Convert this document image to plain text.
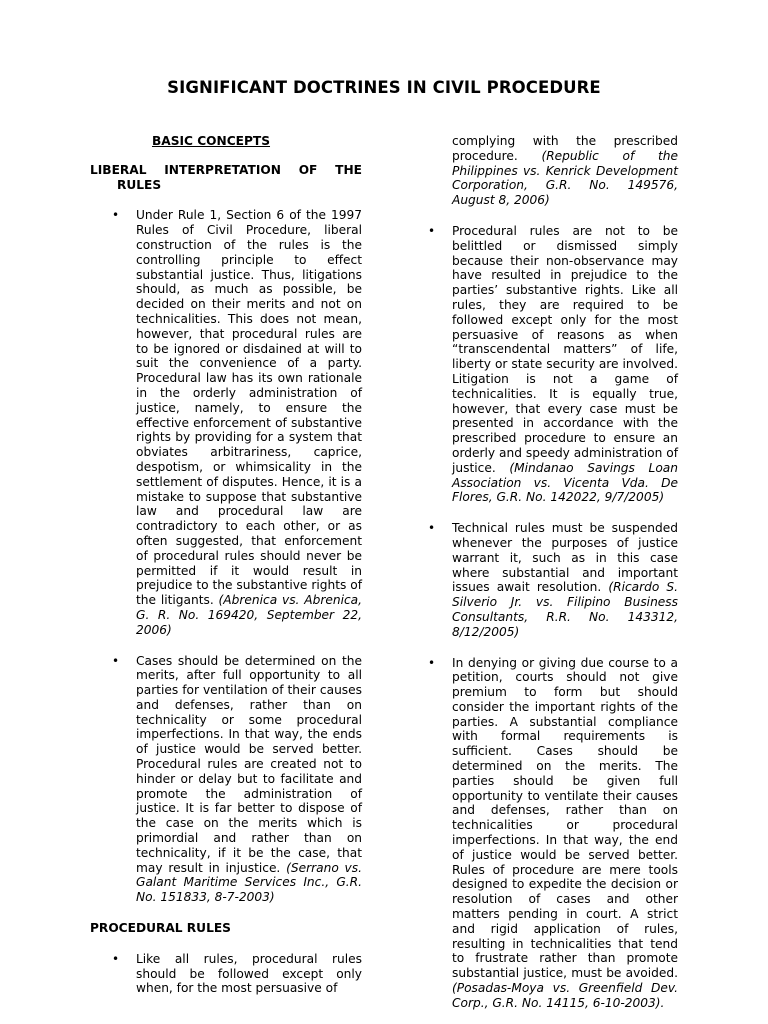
SIGNIFICANT DOCTRINES IN CIVIL PROCEDURE
BASIC CONCEPTS
LIBERAL INTERPRETATION OF THE
RULES
• Under Rule 1, Section 6 of the 1997 Rules of Civil Procedure, liberal construction of the rules is the controlling principle to effect substantial justice. Thus, litigations should, as much as possible, be decided on their merits and not on technicalities. This does not mean, however, that procedural rules are to be ignored or disdained at will to suit the convenience of a party. Procedural law has its own rationale in the orderly administration of justice, namely, to ensure the effective enforcement of substantive rights by providing for a system that obviates arbitrariness, caprice, despotism, or whimsicality in the settlement of disputes. Hence, it is a mistake to suppose that substantive law and procedural law are contradictory to each other, or as often suggested, that enforcement of procedural rules should never be permitted if it would result in prejudice to the substantive rights of the litigants. (Abrenica vs. Abrenica, G. R. No. 169420, September 22, 2006)
• Cases should be determined on the merits, after full opportunity to all parties for ventilation of their causes and defenses, rather than on technicality or some procedural imperfections. In that way, the ends of justice would be served better. Procedural rules are created not to hinder or delay but to facilitate and promote the administration of justice. It is far better to dispose of the case on the merits which is primordial and rather than on technicality, if it be the case, that may result in injustice. (Serrano vs. Galant Maritime Services Inc., G.R. No. 151833, 8-7-2003)
PROCEDURAL RULES
• Like all rules, procedural rules should be followed except only when, for the most persuasive of
complying with the prescribed procedure. (Republic of the Philippines vs. Kenrick Development Corporation, G.R. No. 149576, August 8, 2006)
• Procedural rules are not to be belittled or dismissed simply because their non-observance may have resulted in prejudice to the parties’ substantive rights. Like all rules, they are required to be followed except only for the most persuasive of reasons as when “transcendental matters” of life, liberty or state security are involved. Litigation is not a game of technicalities. It is equally true, however, that every case must be presented in accordance with the prescribed procedure to ensure an orderly and speedy administration of justice. (Mindanao Savings Loan Association vs. Vicenta Vda. De Flores, G.R. No. 142022, 9/7/2005)
• Technical rules must be suspended whenever the purposes of justice warrant it, such as in this case where substantial and important issues await resolution. (Ricardo S. Silverio Jr. vs. Filipino Business Consultants, R.R. No. 143312, 8/12/2005)
• In denying or giving due course to a petition, courts should not give premium to form but should consider the important rights of the parties. A substantial compliance with formal requirements is sufficient. Cases should be determined on the merits. The parties should be given full opportunity to ventilate their causes and defenses, rather than on technicalities or procedural imperfections. In that way, the end of justice would be served better. Rules of procedure are mere tools designed to expedite the decision or resolution of cases and other matters pending in court. A strict and rigid application of rules, resulting in technicalities that tend to frustrate rather than promote substantial justice, must be avoided. (Posadas-Moya vs. Greenfield Dev. Corp., G.R. No. 14115, 6-10-2003).
